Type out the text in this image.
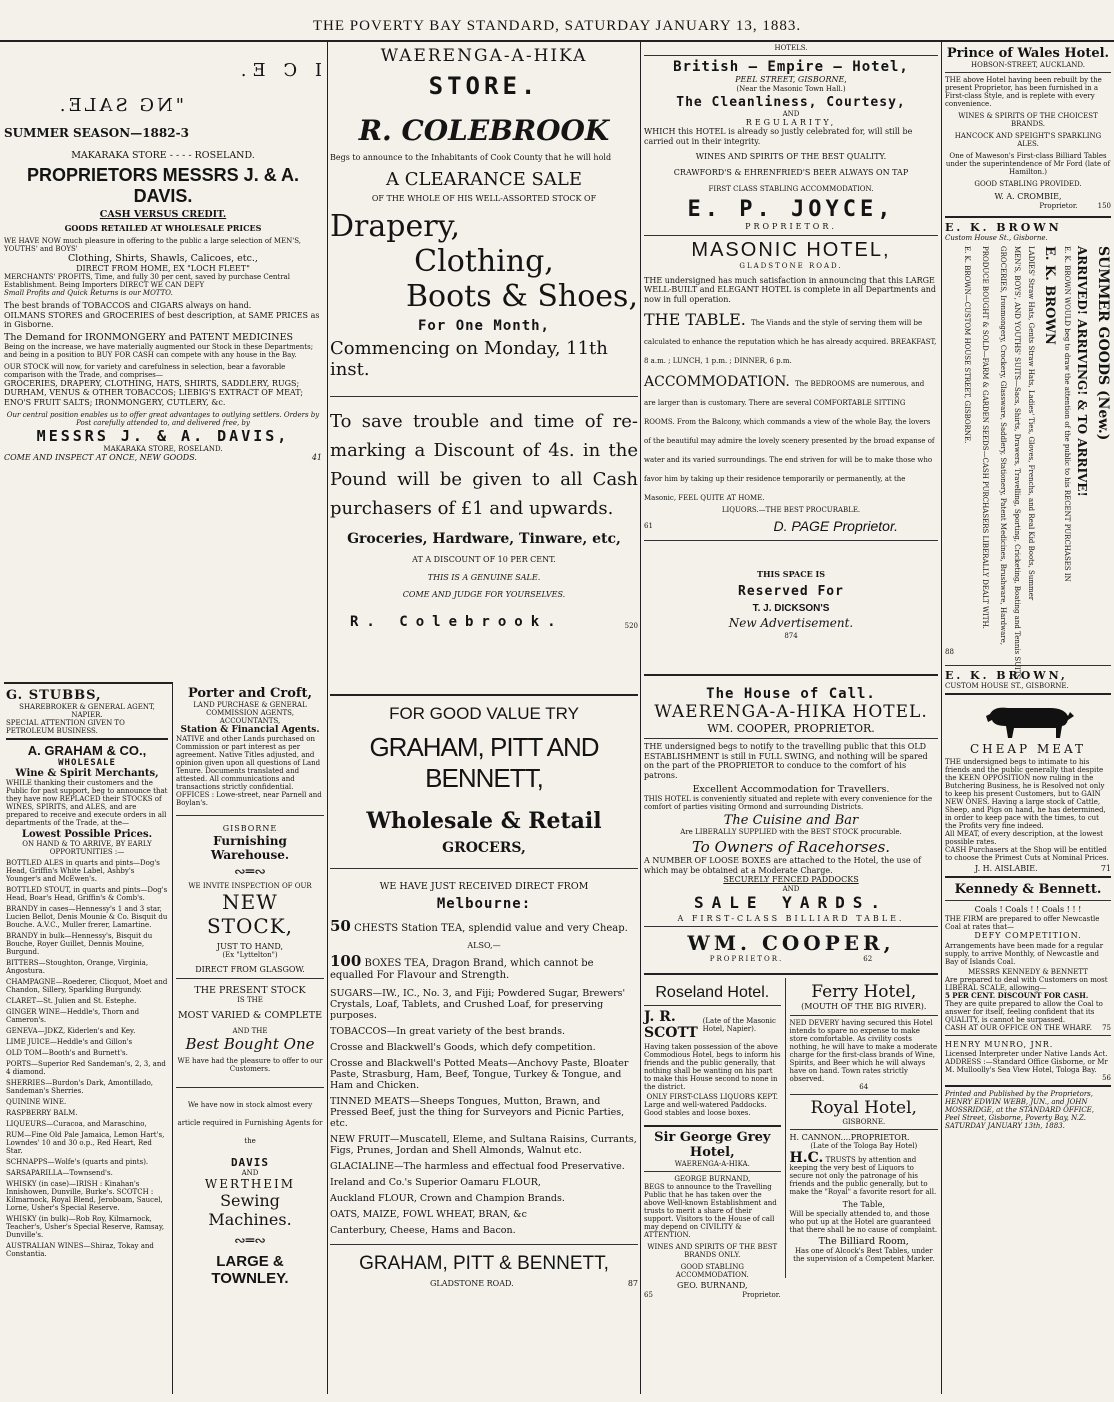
THE POVERTY BAY STANDARD, SATURDAY JANUARY 13, 1883.
I C E.
"NG SALE.
SUMMER SEASON—1882-3
MAKARAKA STORE - - - - ROSELAND.
PROPRIETORS MESSRS J. & A. DAVIS.
CASH VERSUS CREDIT.
GOODS RETAILED AT WHOLESALE PRICES
WE HAVE NOW much pleasure in offering to the public a large selection of MEN'S, YOUTHS' and BOYS'
Clothing, Shirts, Shawls, Calicoes, etc.,
DIRECT FROM HOME, EX "LOCH FLEET"
MERCHANTS' PROFITS, Time, and fully 30 per cent, saved by purchase Central Establishment. Being Importers DIRECT WE CAN DEFY
Small Profits and Quick Returns is our MOTTO.
The best brands of TOBACCOS and CIGARS always on hand.
OILMANS STORES and GROCERIES of best description, at SAME PRICES as in Gisborne.
The Demand for IRONMONGERY and PATENT MEDICINES
Being on the increase, we have materially augmented our Stock in these Departments; and being in a position to BUY FOR CASH can compete with any house in the Bay.
OUR STOCK will now, for variety and carefulness in selection, bear a favorable comparison with the Trade, and comprises—
GROCERIES, DRAPERY, CLOTHING, HATS, SHIRTS, SADDLERY, RUGS; DURHAM, VENUS & OTHER TOBACCOS; LIEBIG'S EXTRACT OF MEAT; ENO'S FRUIT SALTS; IRONMONGERY, CUTLERY, &c.
Our central position enables us to offer great advantages to outlying settlers. Orders by Post carefully attended to, and delivered free, by
MESSRS J. & A. DAVIS,
MAKARAKA STORE, ROSELAND.
COME AND INSPECT AT ONCE, NEW GOODS.	41
G. STUBBS,
SHAREBROKER & GENERAL AGENT,
NAPIER.
SPECIAL ATTENTION GIVEN TO PETROLEUM BUSINESS.
A. GRAHAM & CO.,
WHOLESALE
Wine & Spirit Merchants,
WHILE thanking their customers and the Public for past support, beg to announce that they have now REPLACED their STOCKS of WINES, SPIRITS, and ALES, and are prepared to receive and execute orders in all departments of the Trade, at the—
Lowest Possible Prices.
ON HAND & TO ARRIVE, BY EARLY OPPORTUNITIES :—
BOTTLED ALES in quarts and pints—Dog's Head, Griffin's White Label, Ashby's Younger's and McEwen's.
BOTTLED STOUT, in quarts and pints—Dog's Head, Boar's Head, Griffin's & Comb's.
BRANDY in cases—Hennessy's 1 and 3 star, Lucien Bellot, Denis Mounie & Co. Bisquit du Bouche. A.V.C., Muller frerer, Lamartine.
BRANDY in bulk—Hennessy's, Bisquit du Bouche, Royer Guillet, Dennis Mouine, Burgund.
BITTERS—Stoughton, Orange, Virginia, Angostura.
CHAMPAGNE—Roederer, Clicquot, Moet and Chandon, Sillery, Sparkling Burgundy.
CLARET—St. Julien and St. Estephe.
GINGER WINE—Heddle's, Thorn and Cameron's.
GENEVA—JDKZ, Kiderlen's and Key.
LIME JUICE—Heddle's and Gillon's
OLD TOM—Booth's and Burnett's.
PORTS—Superior Red Sandeman's, 2, 3, and 4 diamond.
SHERRIES—Burdon's Dark, Amontillado, Sandeman's Sherries.
QUININE WINE.
RASPBERRY BALM.
LIQUEURS—Curacoa, and Maraschino,
RUM—Fine Old Pale Jamaica, Lemon Hart's, Lowndes' 10 and 30 o.p., Red Heart, Red Star.
SCHNAPPS—Wolfe's (quarts and pints).
SARSAPARILLA—Townsend's.
WHISKY (in case)—IRISH : Kinahan's Innishowen, Dunville, Burke's. SCOTCH : Kilmarnock, Royal Blend, Jeroboam, Saucel, Lorne, Usher's Special Reserve.
WHISKY (in bulk)—Rob Roy, Kilmarnock, Teacher's, Usher's Special Reserve, Ramsay, Dunville's.
AUSTRALIAN WINES—Shiraz, Tokay and Constantia.
Porter and Croft,
LAND PURCHASE & GENERAL COMMISSION AGENTS, ACCOUNTANTS,
Station & Financial Agents.
NATIVE and other Lands purchased on Commission or part interest as per agreement. Native Titles adjusted, and opinion given upon all questions of Land Tenure. Documents translated and attested. All communications and transactions strictly confidential.
OFFICES : Lowe-street, near Parnell and Boylan's.
GISBORNE
Furnishing Warehouse.
∾═∾
WE INVITE INSPECTION OF OUR
NEW STOCK,
JUST TO HAND,
(Ex "Lyttelton")
DIRECT FROM GLASGOW.
THE PRESENT STOCK
IS THE
MOST VARIED & COMPLETE
AND THE
Best Bought One
WE have had the pleasure to offer to our Customers.
We have now in stock almost every article required in Furnishing Agents for the
DAVIS
AND
WERTHEIM
Sewing Machines.
∾═∾
LARGE & TOWNLEY.
WAERENGA-A-HIKA
STORE.
R. COLEBROOK
Begs to announce to the Inhabitants of Cook County that he will hold
A CLEARANCE SALE
OF THE WHOLE OF HIS WELL-ASSORTED STOCK OF
Drapery,
Clothing,
Boots & Shoes,
For One Month,
Commencing on Monday, 11th inst.
To save trouble and time of re-marking a Discount of 4s. in the Pound will be given to all Cash purchasers of £1 and upwards.
Groceries, Hardware, Tinware, etc,
AT A DISCOUNT OF 10 PER CENT.
THIS IS A GENUINE SALE.
COME AND JUDGE FOR YOURSELVES.
R. Colebrook.	520
FOR GOOD VALUE TRY
GRAHAM, PITT AND BENNETT,
Wholesale & Retail
GROCERS,
WE HAVE JUST RECEIVED DIRECT FROM
Melbourne:
50 CHESTS Station TEA, splendid value and very Cheap.
ALSO,—
100 BOXES TEA, Dragon Brand, which cannot be equalled For Flavour and Strength.
SUGARS—IW., IC., No. 3, and Fiji; Powdered Sugar, Brewers' Crystals, Loaf, Tablets, and Crushed Loaf, for preserving purposes.
TOBACCOS—In great variety of the best brands.
Crosse and Blackwell's Goods, which defy competition.
Crosse and Blackwell's Potted Meats—Anchovy Paste, Bloater Paste, Strasburg, Ham, Beef, Tongue, Turkey & Tongue, and Ham and Chicken.
TINNED MEATS—Sheeps Tongues, Mutton, Brawn, and Pressed Beef, just the thing for Surveyors and Picnic Parties, etc.
NEW FRUIT—Muscatell, Eleme, and Sultana Raisins, Currants, Figs, Prunes, Jordan and Shell Almonds, Walnut etc.
GLACIALINE—The harmless and effectual food Preservative.
Ireland and Co.'s Superior Oamaru FLOUR,
Auckland FLOUR, Crown and Champion Brands.
OATS, MAIZE, FOWL WHEAT, BRAN, &c
Canterbury, Cheese, Hams and Bacon.
GRAHAM, PITT & BENNETT,
GLADSTONE ROAD.	87
HOTELS.
British — Empire — Hotel,
PEEL STREET, GISBORNE,
(Near the Masonic Town Hall.)
The Cleanliness, Courtesy,
AND
REGULARITY,
WHICH this HOTEL is already so justly celebrated for, will still be carried out in their integrity.
WINES AND SPIRITS OF THE BEST QUALITY.
CRAWFORD'S & EHRENFRIED'S BEER ALWAYS ON TAP
FIRST CLASS STABLING ACCOMMODATION.
E. P. JOYCE,
PROPRIETOR.
MASONIC HOTEL,
GLADSTONE ROAD.
THE undersigned has much satisfaction in announcing that this LARGE WELL-BUILT and ELEGANT HOTEL is complete in all Departments and now in full operation.
THE TABLE. The Viands and the style of serving them will be calculated to enhance the reputation which he has already acquired. BREAKFAST, 8 a.m. ; LUNCH, 1 p.m. ; DINNER, 6 p.m.
ACCOMMODATION. The BEDROOMS are numerous, and are larger than is customary. There are several COMFORTABLE SITTING ROOMS. From the Balcony, which commands a view of the whole Bay, the lovers of the beautiful may admire the lovely scenery presented by the broad expanse of water and its varied surroundings. The end striven for will be to make those who favor him by taking up their residence temporarily or permanently, at the Masonic, FEEL QUITE AT HOME.
LIQUORS.—THE BEST PROCURABLE.
61	D. PAGE Proprietor.
THIS SPACE IS
Reserved For
T. J. DICKSON'S
New Advertisement.
874
The House of Call.
WAERENGA-A-HIKA HOTEL.
WM. COOPER, PROPRIETOR.
THE undersigned begs to notify to the travelling public that this OLD ESTABLISHMENT is still in FULL SWING, and nothing will be spared on the part of the PROPRIETOR to conduce to the comfort of his patrons.
Excellent Accommodation for Travellers.
THIS HOTEL is conveniently situated and replete with every convenience for the comfort of parties visiting Ormond and surrounding Districts.
The Cuisine and Bar
Are LIBERALLY SUPPLIED with the BEST STOCK procurable.
To Owners of Racehorses.
A NUMBER OF LOOSE BOXES are attached to the Hotel, the use of which may be obtained at a Moderate Charge.
SECURELY FENCED PADDOCKS
AND
SALE YARDS.
A FIRST-CLASS BILLIARD TABLE.
WM. COOPER,
PROPRIETOR.	62
Roseland Hotel.
J. R. SCOTT
(Late of the Masonic Hotel, Napier).
Having taken possession of the above Commodious Hotel, begs to inform his friends and the public generally, that nothing shall be wanting on his part to make this House second to none in the district.
ONLY FIRST-CLASS LIQUORS KEPT.
Large and well-watered Paddocks. Good stables and loose boxes.
Sir George Grey Hotel,
WAERENGA-A-HIKA.
GEORGE BURNAND,
BEGS to announce to the Travelling Public that he has taken over the above Well-known Establishment and trusts to merit a share of their support. Visitors to the House of call may depend on CIVILITY & ATTENTION.
WINES AND SPIRITS OF THE BEST BRANDS ONLY.
GOOD STABLING ACCOMMODATION.
GEO. BURNAND,
65	Proprietor.
Ferry Hotel,
(MOUTH OF THE BIG RIVER).
NED DEVERY having secured this Hotel intends to spare no expense to make store comfortable. As civility costs nothing, he will have to make a moderate charge for the first-class brands of Wine, Spirits, and Beer which he will always have on hand. Town rates strictly observed.
64
Royal Hotel,
GISBORNE.
H. CANNON....PROPRIETOR.
(Late of the Tologa Bay Hotel)
H.C. TRUSTS by attention and keeping the very best of Liquors to secure not only the patronage of his friends and the public generally, but to make the "Royal" a favorite resort for all.
The Table,
Will be specially attended to, and those who put up at the Hotel are guaranteed that there shall be no cause of complaint.
The Billiard Room,
Has one of Alcock's Best Tables, under the supervision of a Competent Marker.
Prince of Wales Hotel.
HOBSON-STREET, AUCKLAND.
THE above Hotel having been rebuilt by the present Proprietor, has been furnished in a First-class Style, and is replete with every convenience.
WINES & SPIRITS OF THE CHOICEST BRANDS.
HANCOCK AND SPEIGHT'S SPARKLING ALES.
One of Maweson's First-class Billiard Tables under the superintendence of Mr Ford (late of Hamilton.)
GOOD STABLING PROVIDED.
W. A. CROMBIE,
Proprietor.	150
E. K. BROWN
Custom House St., Gisborne.
SUMMER GOODS (New.)
ARRIVED! ARRIVING! & TO ARRIVE!
E. K. BROWN WOULD beg to draw the attention of the public to his RECENT PURCHASES IN
E. K. BROWN
LADIES' Straw Hats, Gents Straw Hats, Ladies' Ties, Gloves, Frenchs, and Real Kid Boots, Summer
MEN'S, BOYS', AND YOUTHS' SUITS—Sacs, Shirts, Drawers, Travelling, Sporting, Cricketing, Boating and Tennis SUITS
GROCERIES, Ironmongery, Crockery, Glassware, Saddlery, Stationery, Patent Medicines, Brushware, Hardware,
PRODUCE BOUGHT & SOLD—FARM & GARDEN SEEDS—CASH PURCHASERS LIBERALLY DEALT WITH.
E. K. BROWN—CUSTOM HOUSE STREET, GISBORNE.
88
E. K. BROWN,
CUSTOM HOUSE ST., GISBORNE.
CHEAP MEAT
THE undersigned begs to intimate to his friends and the public generally that despite the KEEN OPPOSITION now ruling in the Butchering Business, he is Resolved not only to keep his present Customers, but to GAIN NEW ONES. Having a large stock of Cattle, Sheep, and Pigs on hand, he has determined, in order to keep pace with the times, to cut the Profits very fine indeed.
All MEAT, of every description, at the lowest possible rates.
CASH Purchasers at the Shop will be entitled to choose the Primest Cuts at Nominal Prices.
J. H. AISLABIE.	71
Kennedy & Bennett.
Coals ! Coals ! ! Coals ! ! !
THE FIRM are prepared to offer Newcastle Coal at rates that—
DEFY COMPETITION.
Arrangements have been made for a regular supply, to arrive Monthly, of Newcastle and Bay of Islands Coal.
MESSRS KENNEDY & BENNETT
Are prepared to deal with Customers on most LIBERAL SCALE, allowing—
5 PER CENT. DISCOUNT FOR CASH.
They are quite prepared to allow the Coal to answer for itself, feeling confident that its QUALITY, is cannot be surpassed.
CASH AT OUR OFFICE ON THE WHARF. 75
HENRY MUNRO, JNR.
Licensed Interpreter under Native Lands Act.
ADDRESS :—Standard Office Gisborne, or Mr M. Mulloolly's Sea View Hotel, Tologa Bay.
56
Printed and Published by the Proprietors, HENRY EDWIN WEBB, JUN., and JOHN MOSSRIDGE, at the STANDARD OFFICE, Peel Street, Gisborne, Poverty Bay, N.Z. SATURDAY JANUARY 13th, 1883.
